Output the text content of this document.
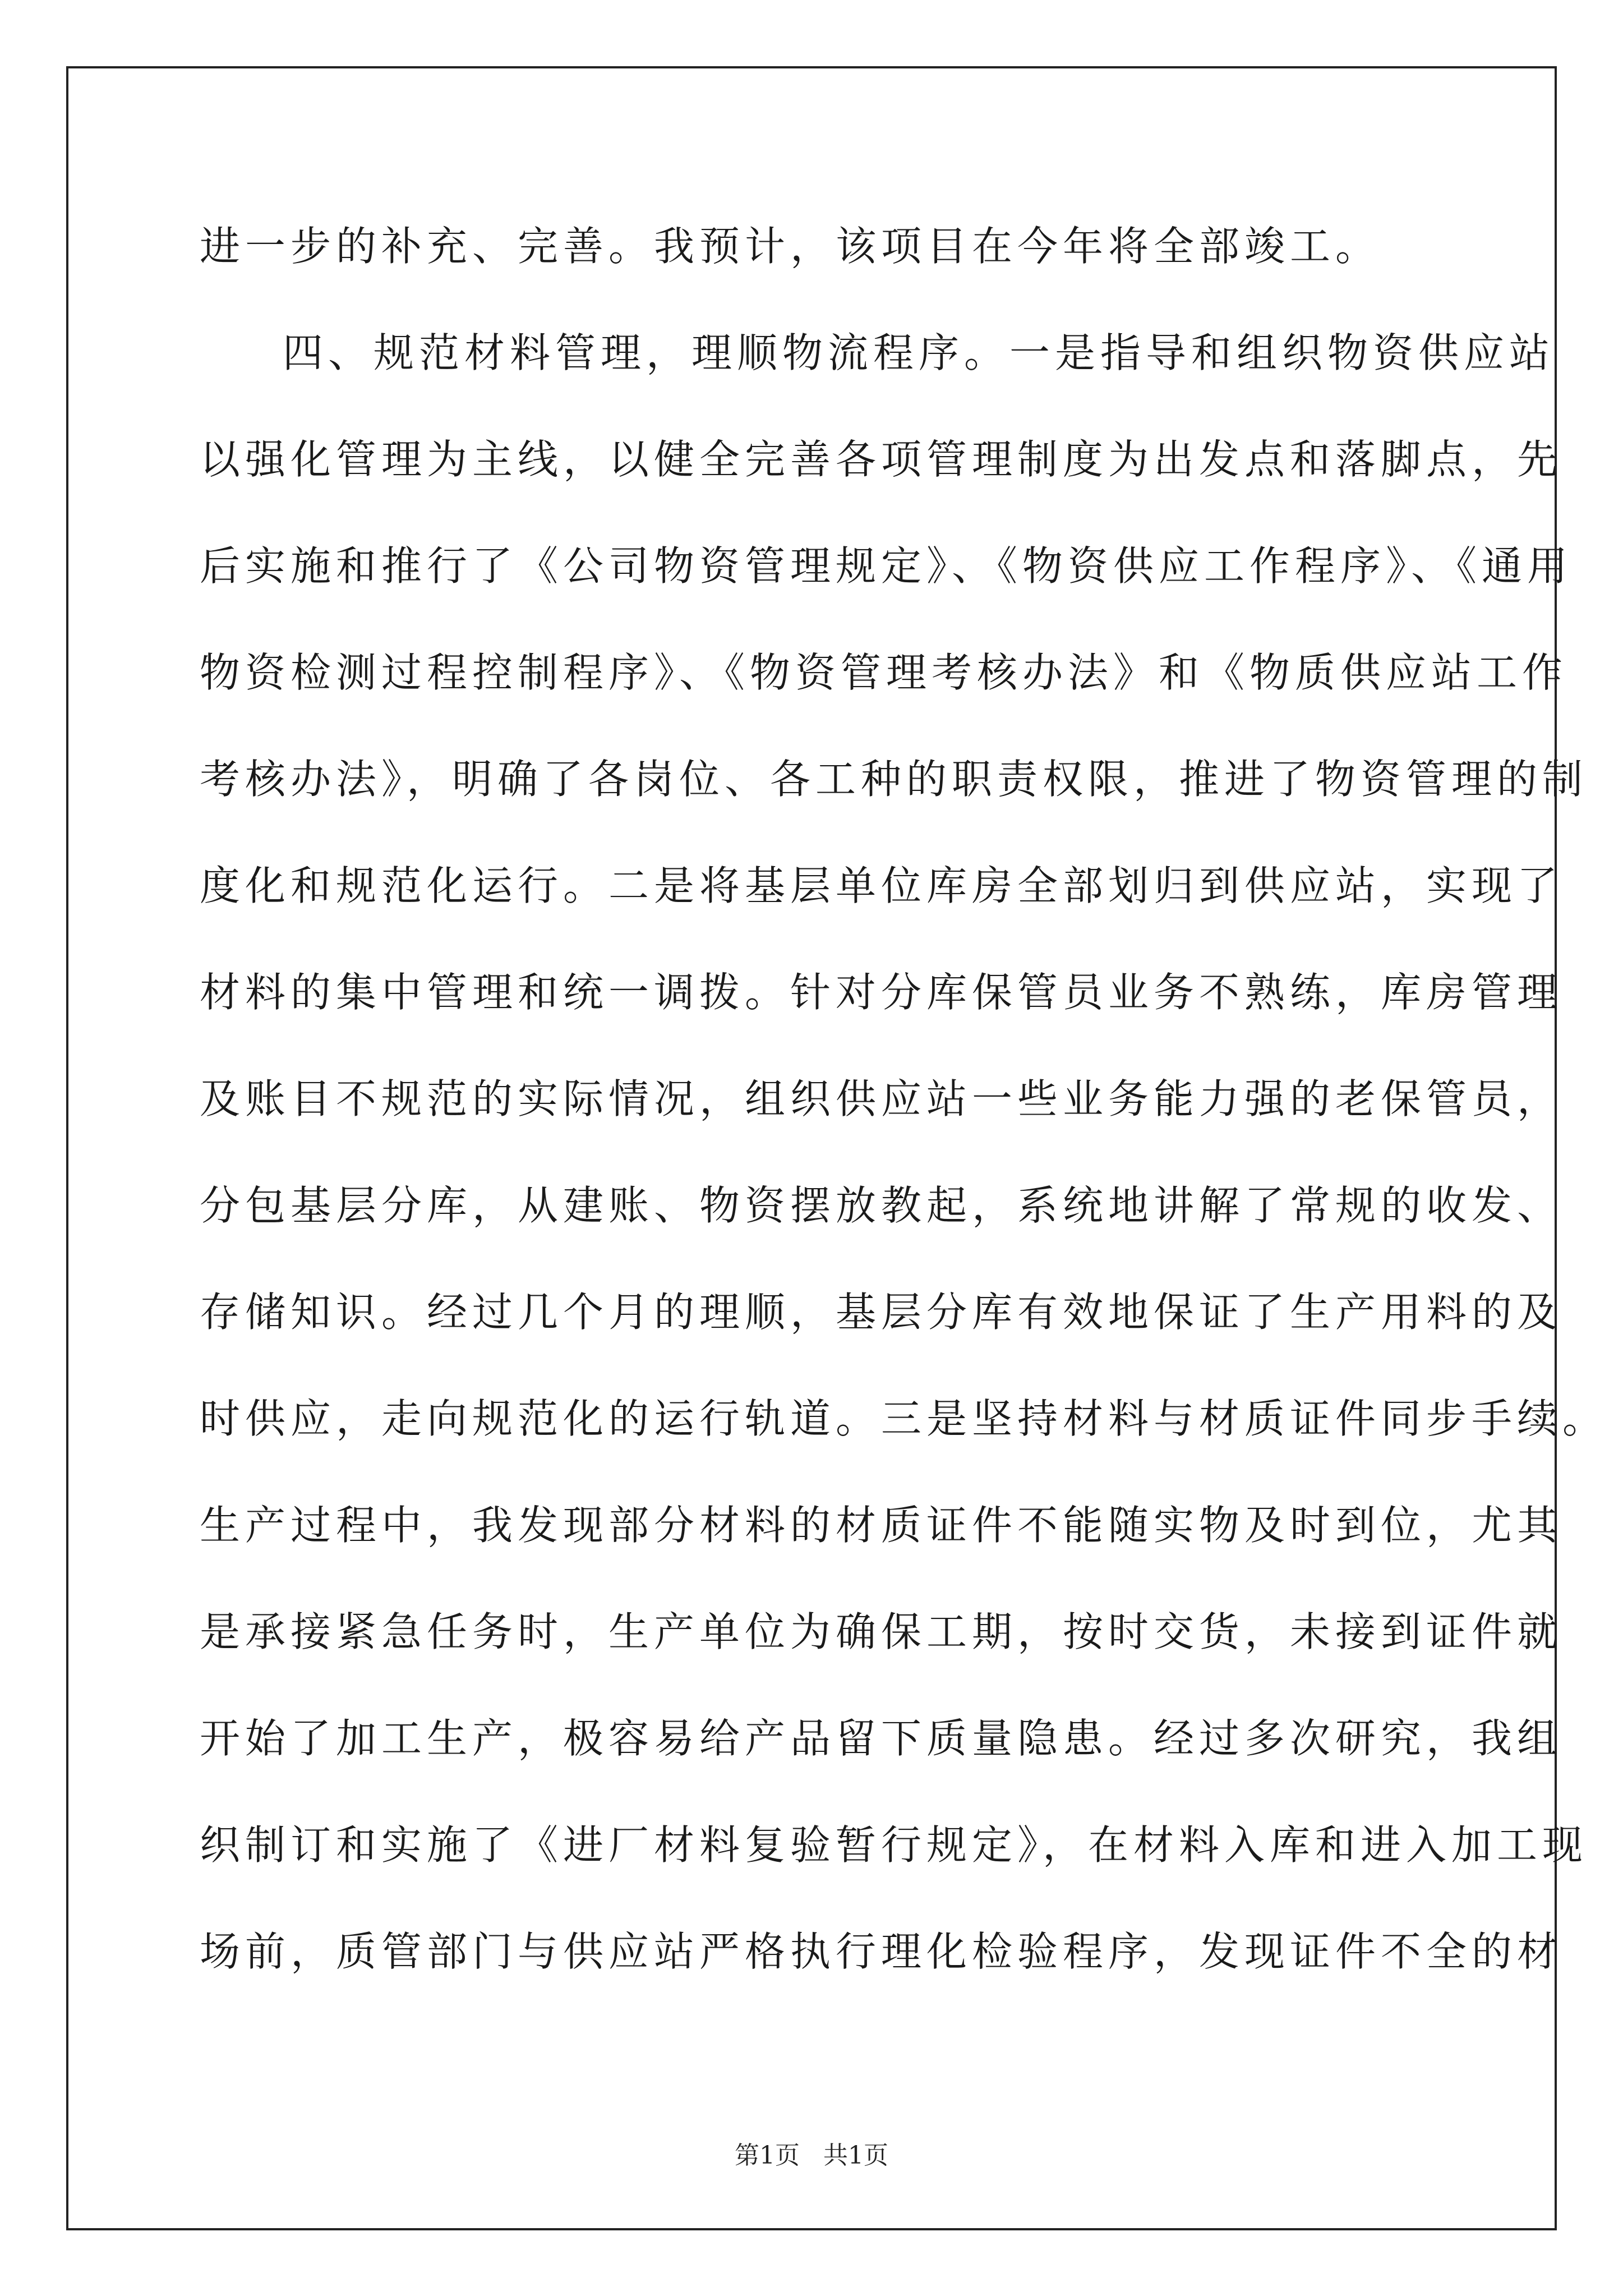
进一步的补充、完善。我预计，该项目在今年将全部竣工。
四、规范材料管理，理顺物流程序。一是指导和组织物资供应站
以强化管理为主线，以健全完善各项管理制度为出发点和落脚点，先
后实施和推行了《公司物资管理规定》、《物资供应工作程序》、《通用
物资检测过程控制程序》、《物资管理考核办法》和《物质供应站工作
考核办法》，明确了各岗位、各工种的职责权限，推进了物资管理的制
度化和规范化运行。二是将基层单位库房全部划归到供应站，实现了
材料的集中管理和统一调拨。针对分库保管员业务不熟练，库房管理
及账目不规范的实际情况，组织供应站一些业务能力强的老保管员，
分包基层分库，从建账、物资摆放教起，系统地讲解了常规的收发、
存储知识。经过几个月的理顺，基层分库有效地保证了生产用料的及
时供应，走向规范化的运行轨道。三是坚持材料与材质证件同步手续。
生产过程中，我发现部分材料的材质证件不能随实物及时到位，尤其
是承接紧急任务时，生产单位为确保工期，按时交货，未接到证件就
开始了加工生产，极容易给产品留下质量隐患。经过多次研究，我组
织制订和实施了《进厂材料复验暂行规定》，在材料入库和进入加工现
场前，质管部门与供应站严格执行理化检验程序，发现证件不全的材
第1页   共1页
